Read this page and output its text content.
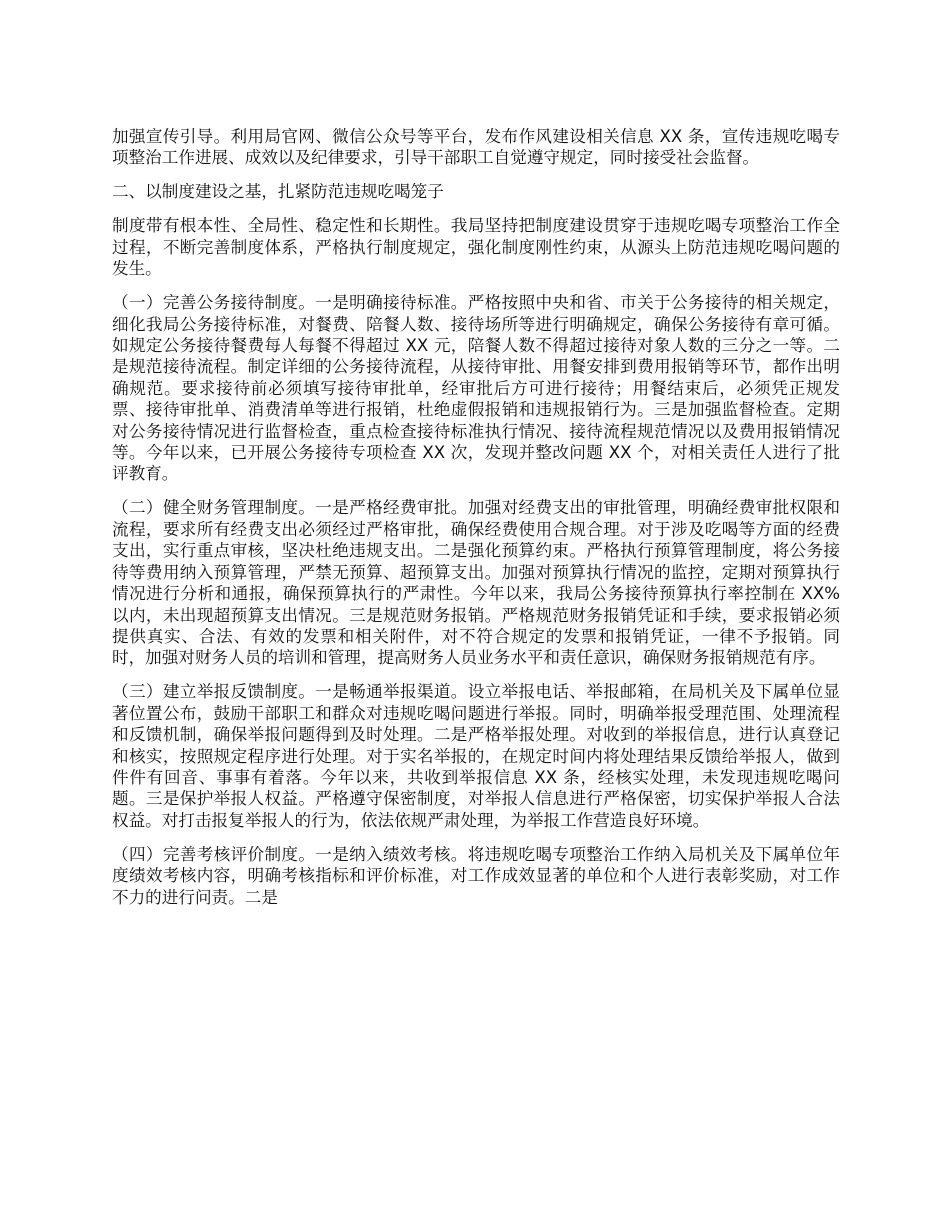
加强宣传引导。利用局官网、微信公众号等平台，发布作风建设相关信息 XX 条，宣传违规吃喝专项整治工作进展、成效以及纪律要求，引导干部职工自觉遵守规定，同时接受社会监督。

二、以制度建设之基，扎紧防范违规吃喝笼子

制度带有根本性、全局性、稳定性和长期性。我局坚持把制度建设贯穿于违规吃喝专项整治工作全过程，不断完善制度体系，严格执行制度规定，强化制度刚性约束，从源头上防范违规吃喝问题的发生。

（一）完善公务接待制度。一是明确接待标准。严格按照中央和省、市关于公务接待的相关规定，细化我局公务接待标准，对餐费、陪餐人数、接待场所等进行明确规定，确保公务接待有章可循。如规定公务接待餐费每人每餐不得超过 XX 元，陪餐人数不得超过接待对象人数的三分之一等。二是规范接待流程。制定详细的公务接待流程，从接待审批、用餐安排到费用报销等环节，都作出明确规范。要求接待前必须填写接待审批单，经审批后方可进行接待；用餐结束后，必须凭正规发票、接待审批单、消费清单等进行报销，杜绝虚假报销和违规报销行为。三是加强监督检查。定期对公务接待情况进行监督检查，重点检查接待标准执行情况、接待流程规范情况以及费用报销情况等。今年以来，已开展公务接待专项检查 XX 次，发现并整改问题 XX 个，对相关责任人进行了批评教育。

（二）健全财务管理制度。一是严格经费审批。加强对经费支出的审批管理，明确经费审批权限和流程，要求所有经费支出必须经过严格审批，确保经费使用合规合理。对于涉及吃喝等方面的经费支出，实行重点审核，坚决杜绝违规支出。二是强化预算约束。严格执行预算管理制度，将公务接待等费用纳入预算管理，严禁无预算、超预算支出。加强对预算执行情况的监控，定期对预算执行情况进行分析和通报，确保预算执行的严肃性。今年以来，我局公务接待预算执行率控制在 XX% 以内，未出现超预算支出情况。三是规范财务报销。严格规范财务报销凭证和手续，要求报销必须提供真实、合法、有效的发票和相关附件，对不符合规定的发票和报销凭证，一律不予报销。同时，加强对财务人员的培训和管理，提高财务人员业务水平和责任意识，确保财务报销规范有序。

（三）建立举报反馈制度。一是畅通举报渠道。设立举报电话、举报邮箱，在局机关及下属单位显著位置公布，鼓励干部职工和群众对违规吃喝问题进行举报。同时，明确举报受理范围、处理流程和反馈机制，确保举报问题得到及时处理。二是严格举报处理。对收到的举报信息，进行认真登记和核实，按照规定程序进行处理。对于实名举报的，在规定时间内将处理结果反馈给举报人，做到件件有回音、事事有着落。今年以来，共收到举报信息 XX 条，经核实处理，未发现违规吃喝问题。三是保护举报人权益。严格遵守保密制度，对举报人信息进行严格保密，切实保护举报人合法权益。对打击报复举报人的行为，依法依规严肃处理，为举报工作营造良好环境。

（四）完善考核评价制度。一是纳入绩效考核。将违规吃喝专项整治工作纳入局机关及下属单位年度绩效考核内容，明确考核指标和评价标准，对工作成效显著的单位和个人进行表彰奖励，对工作不力的进行问责。二是
